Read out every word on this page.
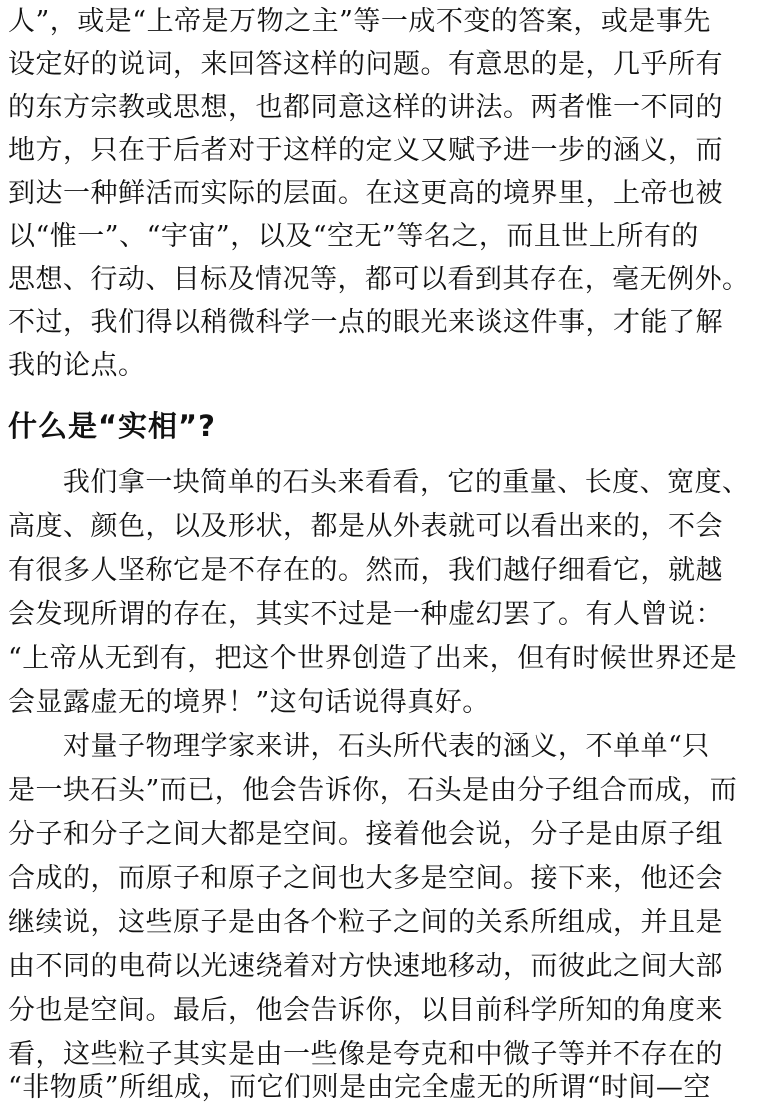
人”，或是“上帝是万物之主”等一成不变的答案，或是事先
设定好的说词，来回答这样的问题。有意思的是，几乎所有
的东方宗教或思想，也都同意这样的讲法。两者惟一不同的
地方，只在于后者对于这样的定义又赋予进一步的涵义，而
到达一种鲜活而实际的层面。在这更高的境界里，上帝也被
以“惟一”、“宇宙”，以及“空无”等名之，而且世上所有的
思想、行动、目标及情况等，都可以看到其存在，毫无例外。
不过，我们得以稍微科学一点的眼光来谈这件事，才能了解
我的论点。
什么是“实相”?
　　我们拿一块简单的石头来看看，它的重量、长度、宽度、
高度、颜色，以及形状，都是从外表就可以看出来的，不会
有很多人坚称它是不存在的。然而，我们越仔细看它，就越
会发现所谓的存在，其实不过是一种虚幻罢了。有人曾说：
“上帝从无到有，把这个世界创造了出来，但有时候世界还是
会显露虚无的境界！”这句话说得真好。
　　对量子物理学家来讲，石头所代表的涵义，不单单“只
是一块石头”而已，他会告诉你，石头是由分子组合而成，而
分子和分子之间大都是空间。接着他会说，分子是由原子组
合成的，而原子和原子之间也大多是空间。接下来，他还会
继续说，这些原子是由各个粒子之间的关系所组成，并且是
由不同的电荷以光速绕着对方快速地移动，而彼此之间大部
分也是空间。最后，他会告诉你，以目前科学所知的角度来
看，这些粒子其实是由一些像是夸克和中微子等并不存在的
“非物质”所组成，而它们则是由完全虚无的所谓“时间—空
